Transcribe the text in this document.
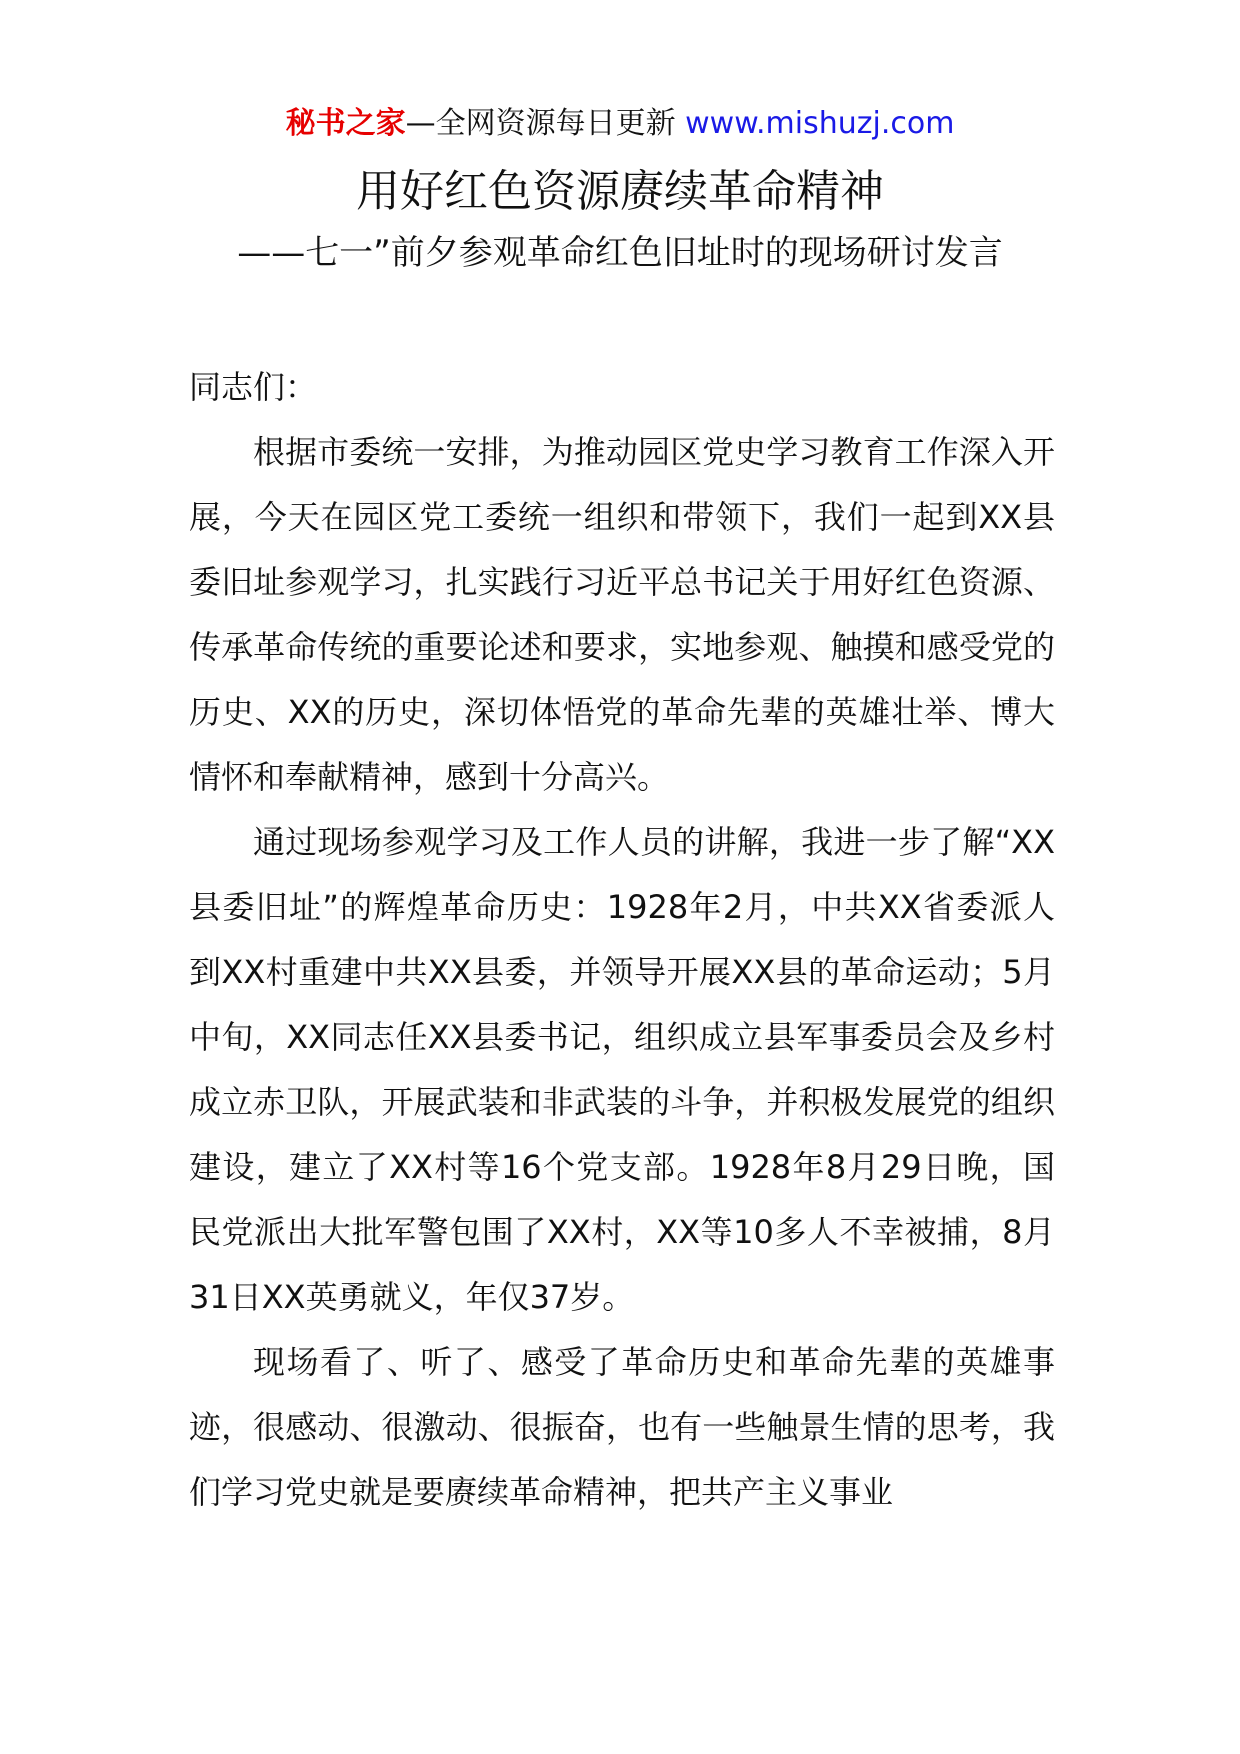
秘书之家—全网资源每日更新 www.mishuzj.com
用好红色资源赓续革命精神
——七一”前夕参观革命红色旧址时的现场研讨发言

同志们：

根据市委统一安排，为推动园区党史学习教育工作深入开展，今天在园区党工委统一组织和带领下，我们一起到XX县委旧址参观学习，扎实践行习近平总书记关于用好红色资源、传承革命传统的重要论述和要求，实地参观、触摸和感受党的历史、XX的历史，深切体悟党的革命先辈的英雄壮举、博大情怀和奉献精神，感到十分高兴。

通过现场参观学习及工作人员的讲解，我进一步了解“XX县委旧址”的辉煌革命历史：1928年2月，中共XX省委派人到XX村重建中共XX县委，并领导开展XX县的革命运动；5月中旬，XX同志任XX县委书记，组织成立县军事委员会及乡村成立赤卫队，开展武装和非武装的斗争，并积极发展党的组织建设，建立了XX村等16个党支部。1928年8月29日晚，国民党派出大批军警包围了XX村，XX等10多人不幸被捕，8月31日XX英勇就义，年仅37岁。

现场看了、听了、感受了革命历史和革命先辈的英雄事迹，很感动、很激动、很振奋，也有一些触景生情的思考，我们学习党史就是要赓续革命精神，把共产主义事业
